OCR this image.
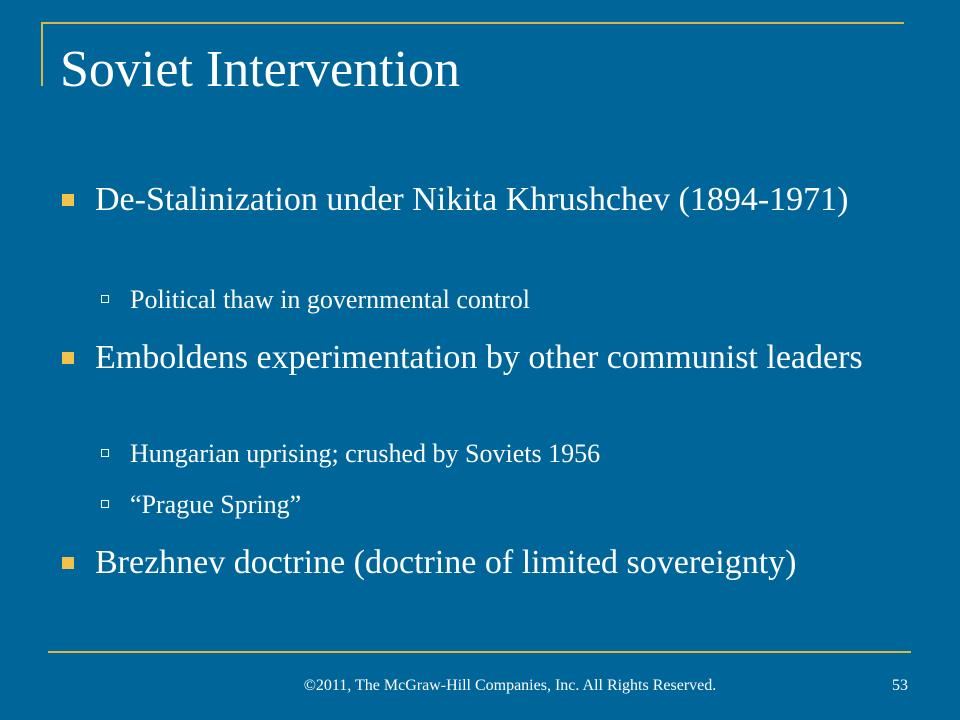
Soviet Intervention
De-Stalinization under Nikita Khrushchev (1894-1971)
Political thaw in governmental control
Emboldens experimentation by other communist leaders
Hungarian uprising; crushed by Soviets 1956
“Prague Spring”
Brezhnev doctrine (doctrine of limited sovereignty)
©2011, The McGraw-Hill Companies, Inc. All Rights Reserved.	53
